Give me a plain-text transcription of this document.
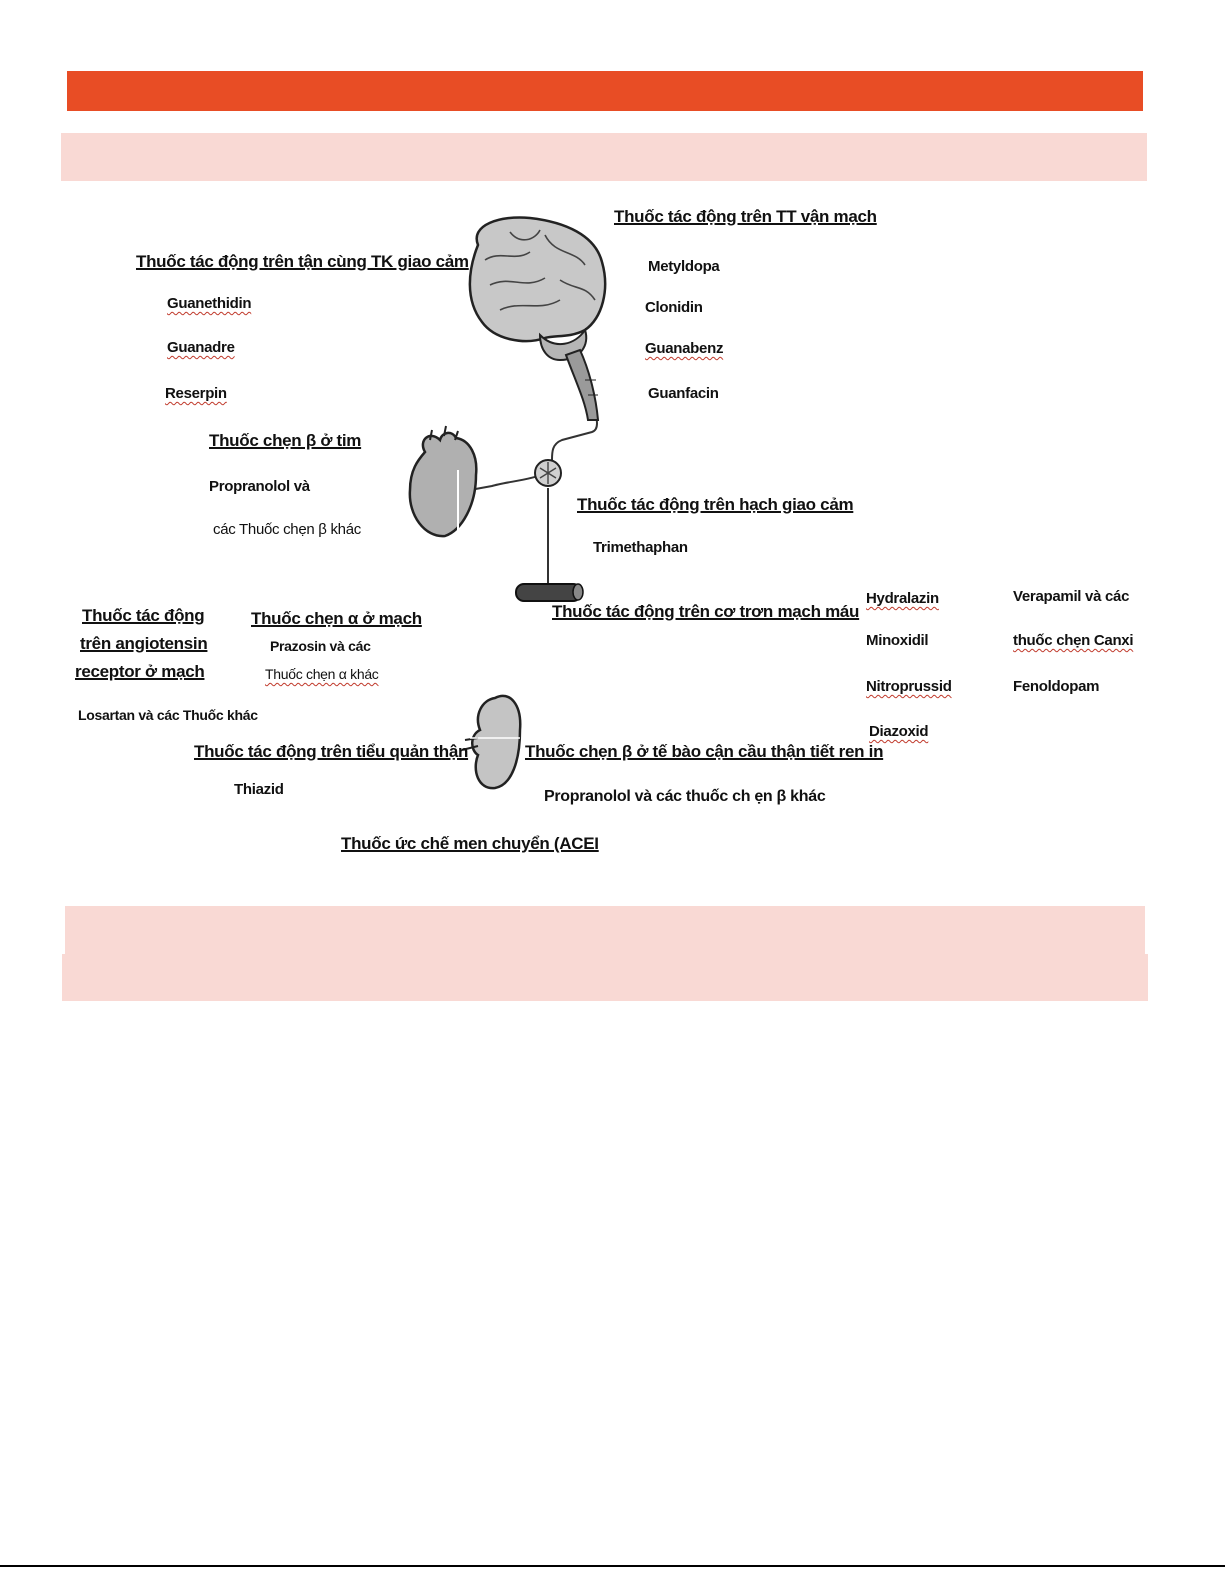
Thuốc tác động trên TT vận mạch
Metyldopa
Clonidin
Guanabenz
Guanfacin
Thuốc tác động trên tận cùng TK giao cảm
Guanethidin
Guanadre
Reserpin
Thuốc chẹn β ở tim
Propranolol và
các Thuốc chẹn β khác
Thuốc tác động trên hạch giao cảm
Trimethaphan
Thuốc tác động
trên angiotensin
receptor ở mạch
Losartan và các Thuốc khác
Thuốc chẹn α ở mạch
Prazosin và các
Thuốc chẹn α khác
Thuốc tác động trên cơ trơn mạch máu
Hydralazin
Minoxidil
Nitroprussid
Diazoxid
Verapamil và các
thuốc chẹn Canxi
Fenoldopam
Thuốc tác động trên tiểu quản thận
Thiazid
Thuốc chẹn β ở tế bào cận cầu thận tiết ren in
Propranolol và các thuốc ch ẹn β khác
Thuốc ức chế men chuyển (ACEI
